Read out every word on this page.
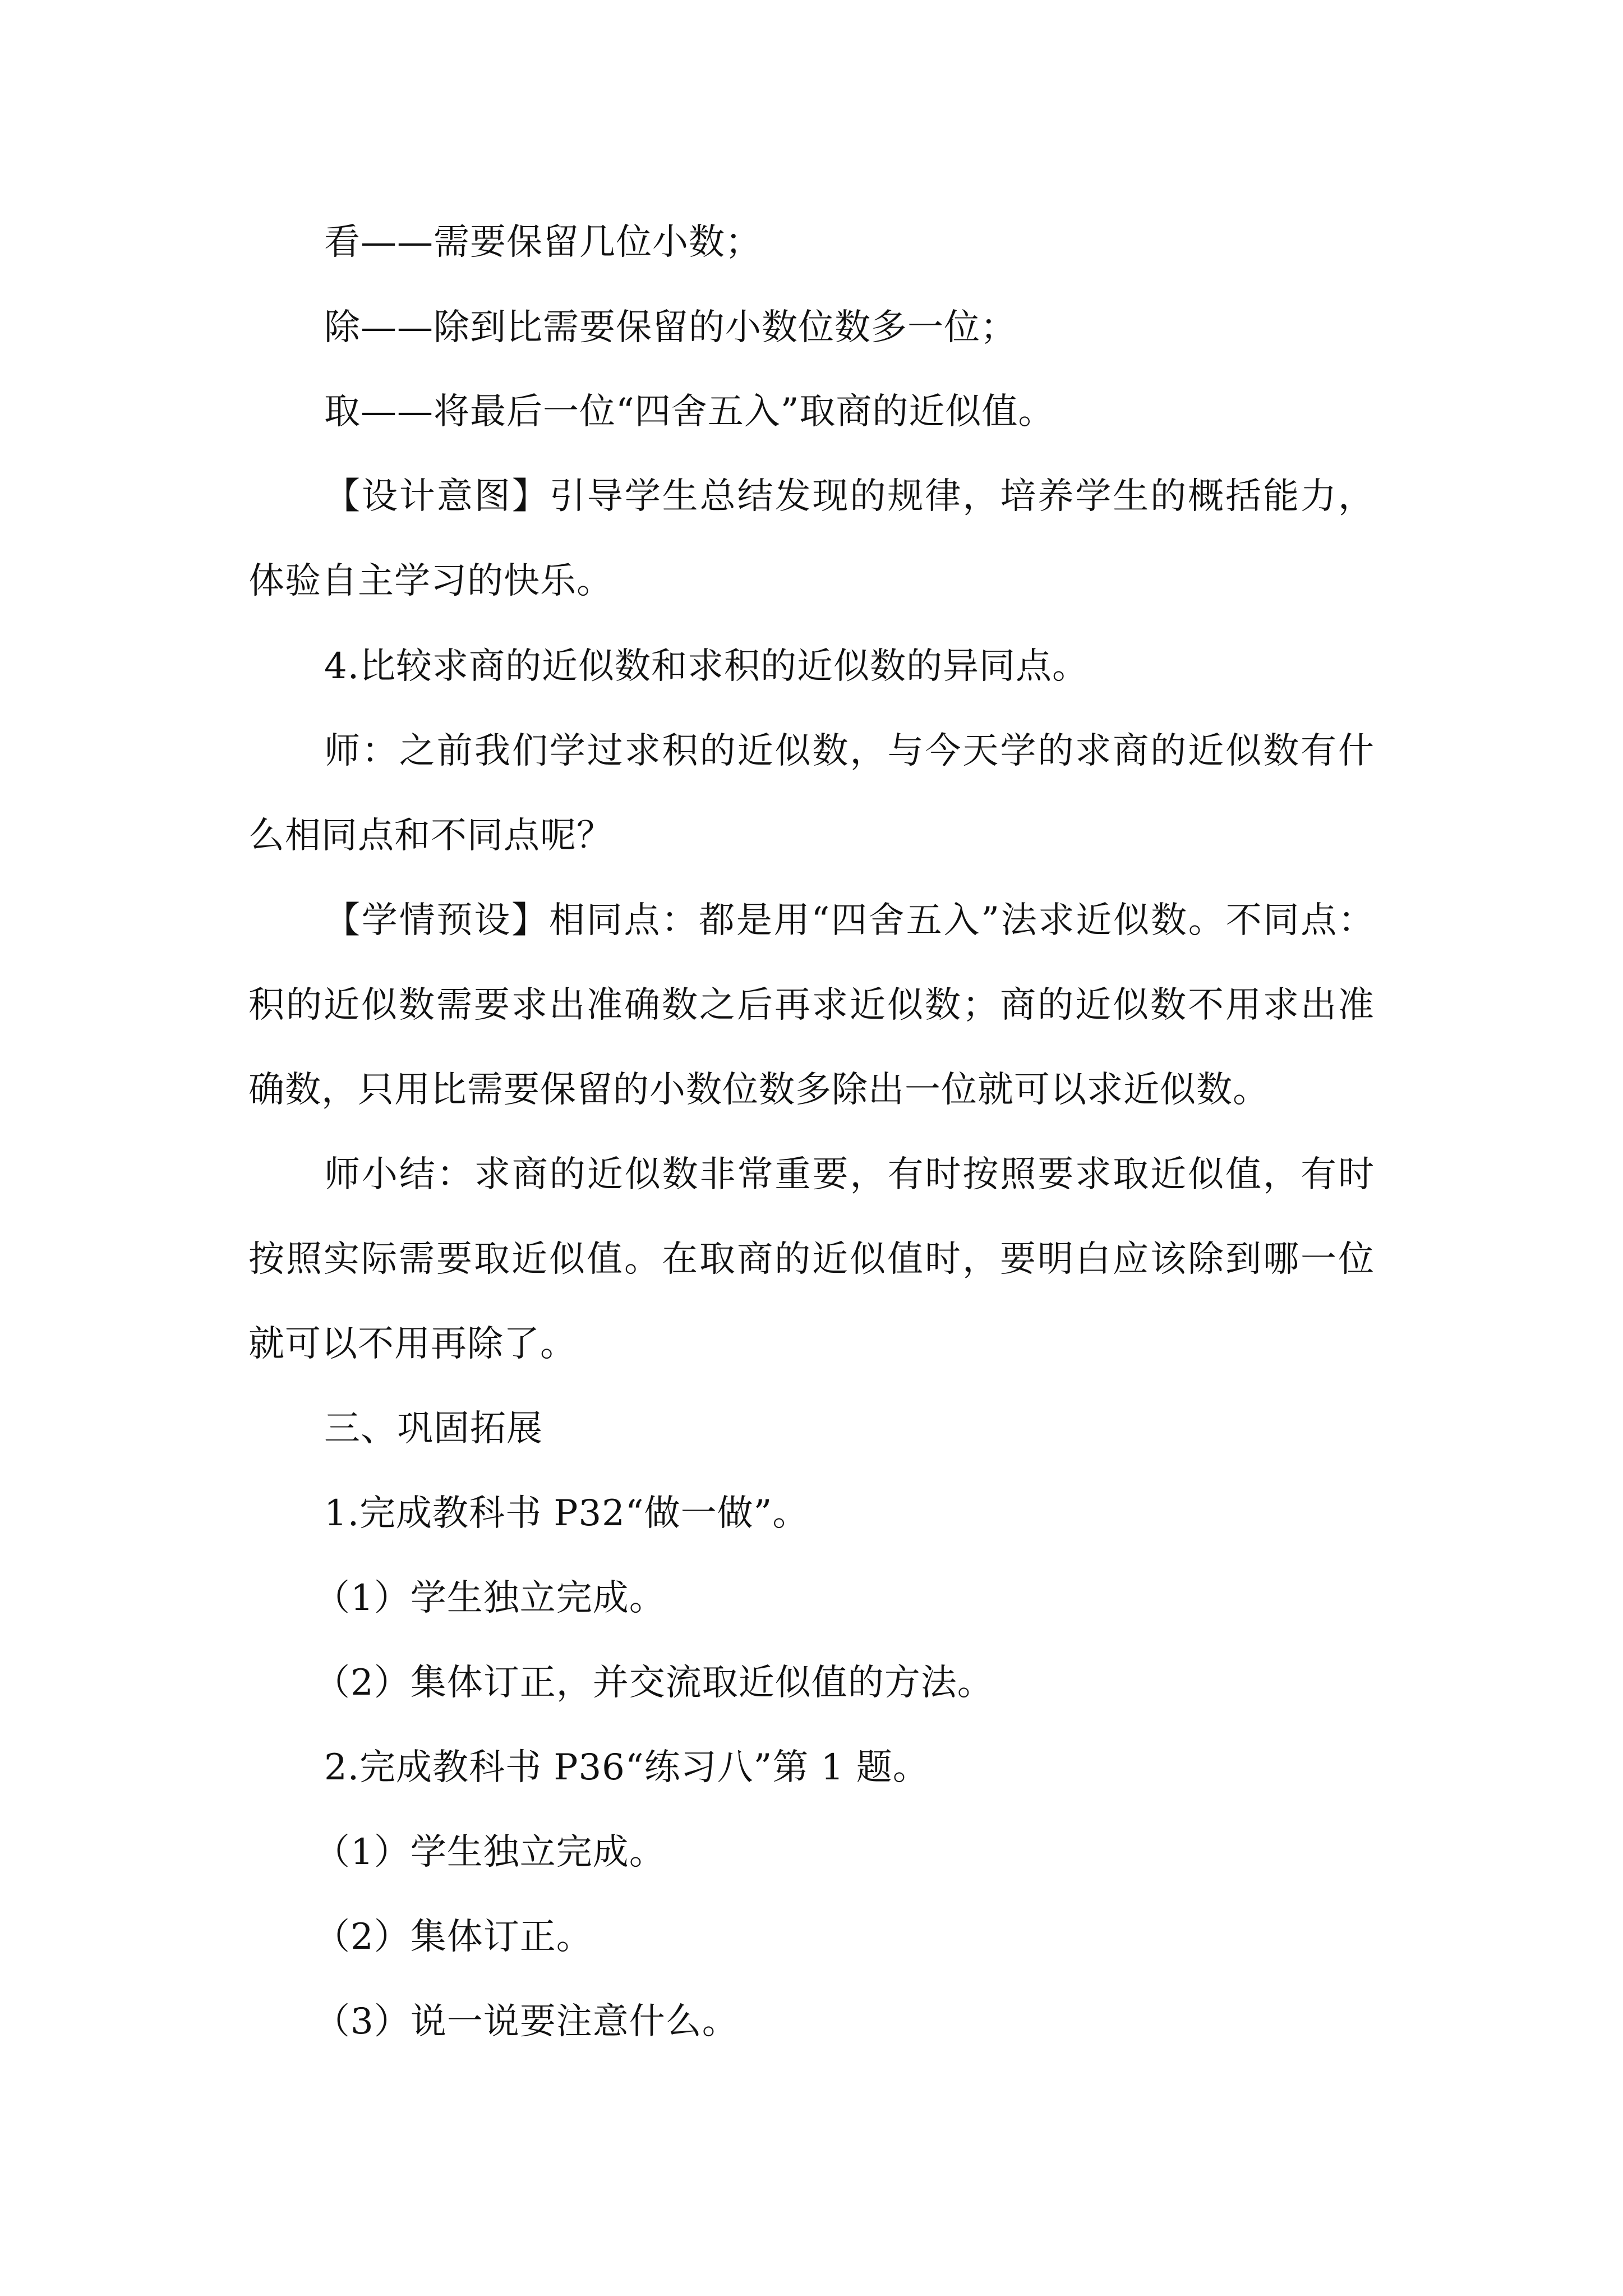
看——需要保留几位小数；
除——除到比需要保留的小数位数多一位；
取——将最后一位“四舍五入”取商的近似值。
【设计意图】引导学生总结发现的规律，培养学生的概括能力，
体验自主学习的快乐。
4.比较求商的近似数和求积的近似数的异同点。
师：之前我们学过求积的近似数，与今天学的求商的近似数有什
么相同点和不同点呢？
【学情预设】相同点：都是用“四舍五入”法求近似数。不同点：
积的近似数需要求出准确数之后再求近似数；商的近似数不用求出准
确数，只用比需要保留的小数位数多除出一位就可以求近似数。
师小结：求商的近似数非常重要，有时按照要求取近似值，有时
按照实际需要取近似值。在取商的近似值时，要明白应该除到哪一位
就可以不用再除了。
三、巩固拓展
1.完成教科书 P32“做一做”。
（1）学生独立完成。
（2）集体订正，并交流取近似值的方法。
2.完成教科书 P36“练习八”第 1 题。
（1）学生独立完成。
（2）集体订正。
（3）说一说要注意什么。
